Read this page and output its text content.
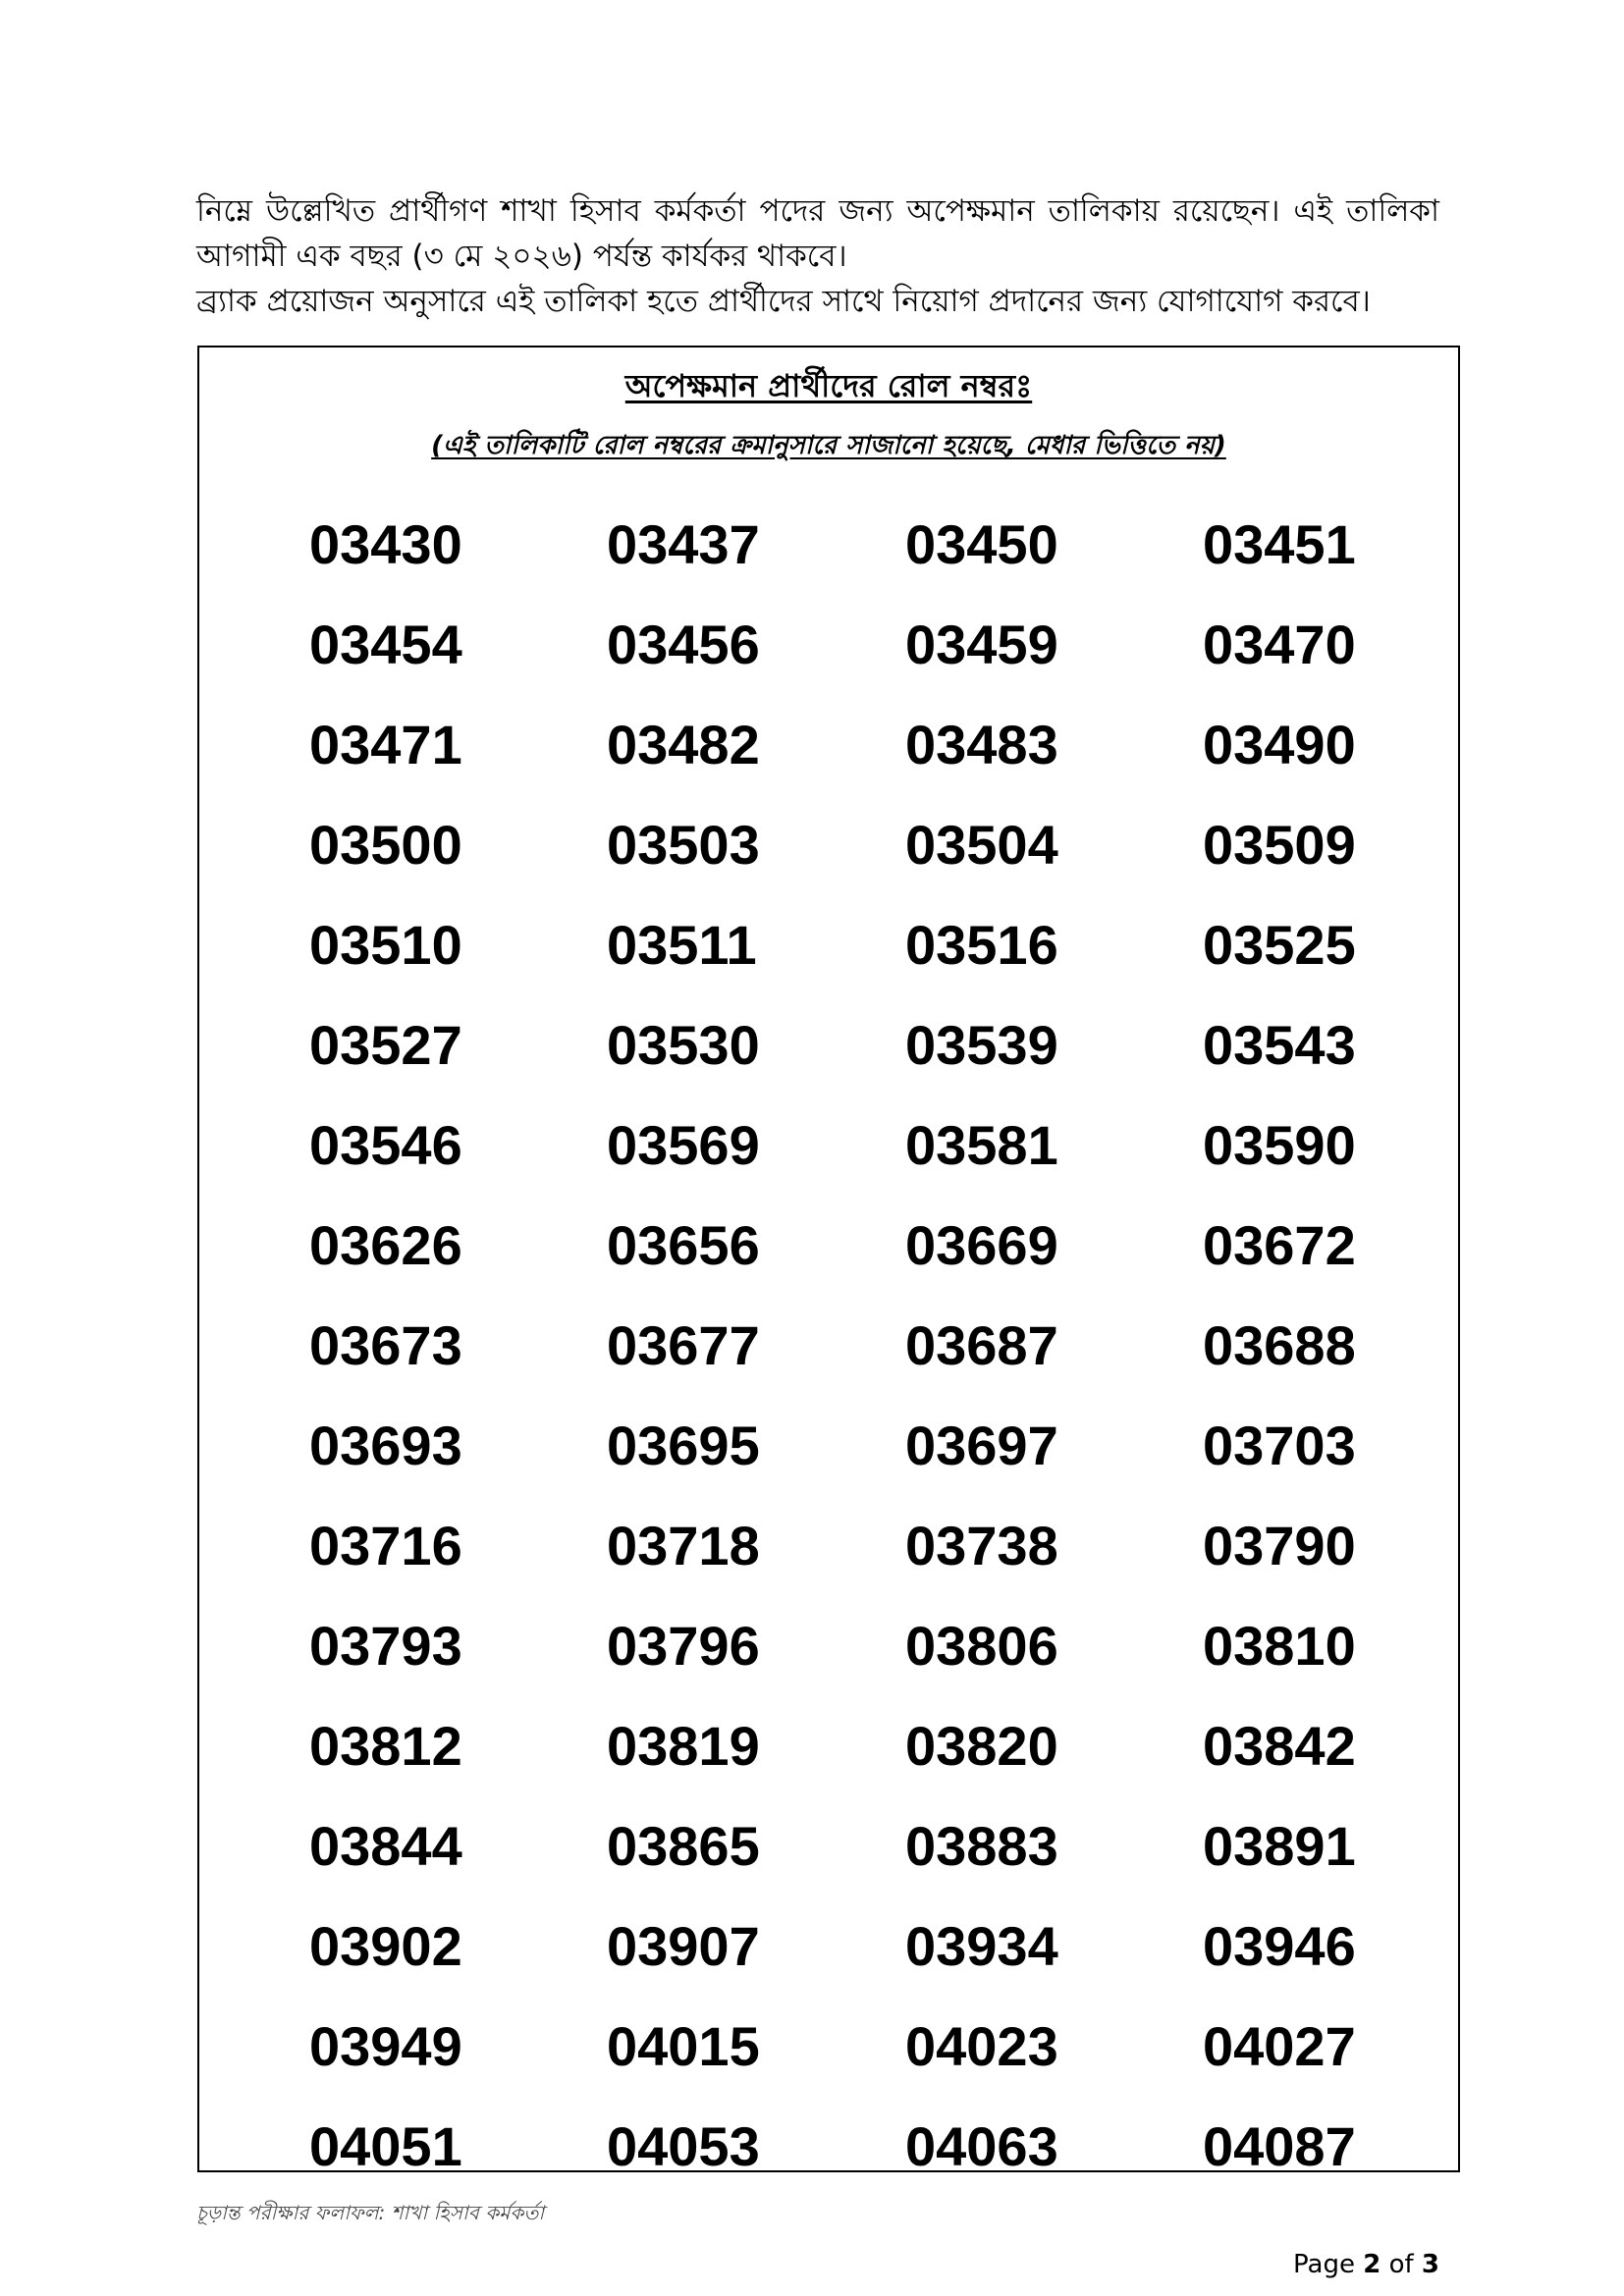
নিম্নে উল্লেখিত প্রার্থীগণ শাখা হিসাব কর্মকর্তা পদের জন্য অপেক্ষমান তালিকায় রয়েছেন। এই তালিকা আগামী এক বছর (৩ মে ২০২৬) পর্যন্ত কার্যকর থাকবে।

ব্র্যাক প্রয়োজন অনুসারে এই তালিকা হতে প্রার্থীদের সাথে নিয়োগ প্রদানের জন্য যোগাযোগ করবে।

অপেক্ষমান প্রার্থীদের রোল নম্বরঃ
(এই তালিকাটি রোল নম্বরের ক্রমানুসারে সাজানো হয়েছে, মেধার ভিত্তিতে নয়)
03430	03437	03450	03451
03454	03456	03459	03470
03471	03482	03483	03490
03500	03503	03504	03509
03510	03511	03516	03525
03527	03530	03539	03543
03546	03569	03581	03590
03626	03656	03669	03672
03673	03677	03687	03688
03693	03695	03697	03703
03716	03718	03738	03790
03793	03796	03806	03810
03812	03819	03820	03842
03844	03865	03883	03891
03902	03907	03934	03946
03949	04015	04023	04027
04051	04053	04063	04087
চূড়ান্ত পরীক্ষার ফলাফল: শাখা হিসাব কর্মকর্তা
Page 2 of 3
